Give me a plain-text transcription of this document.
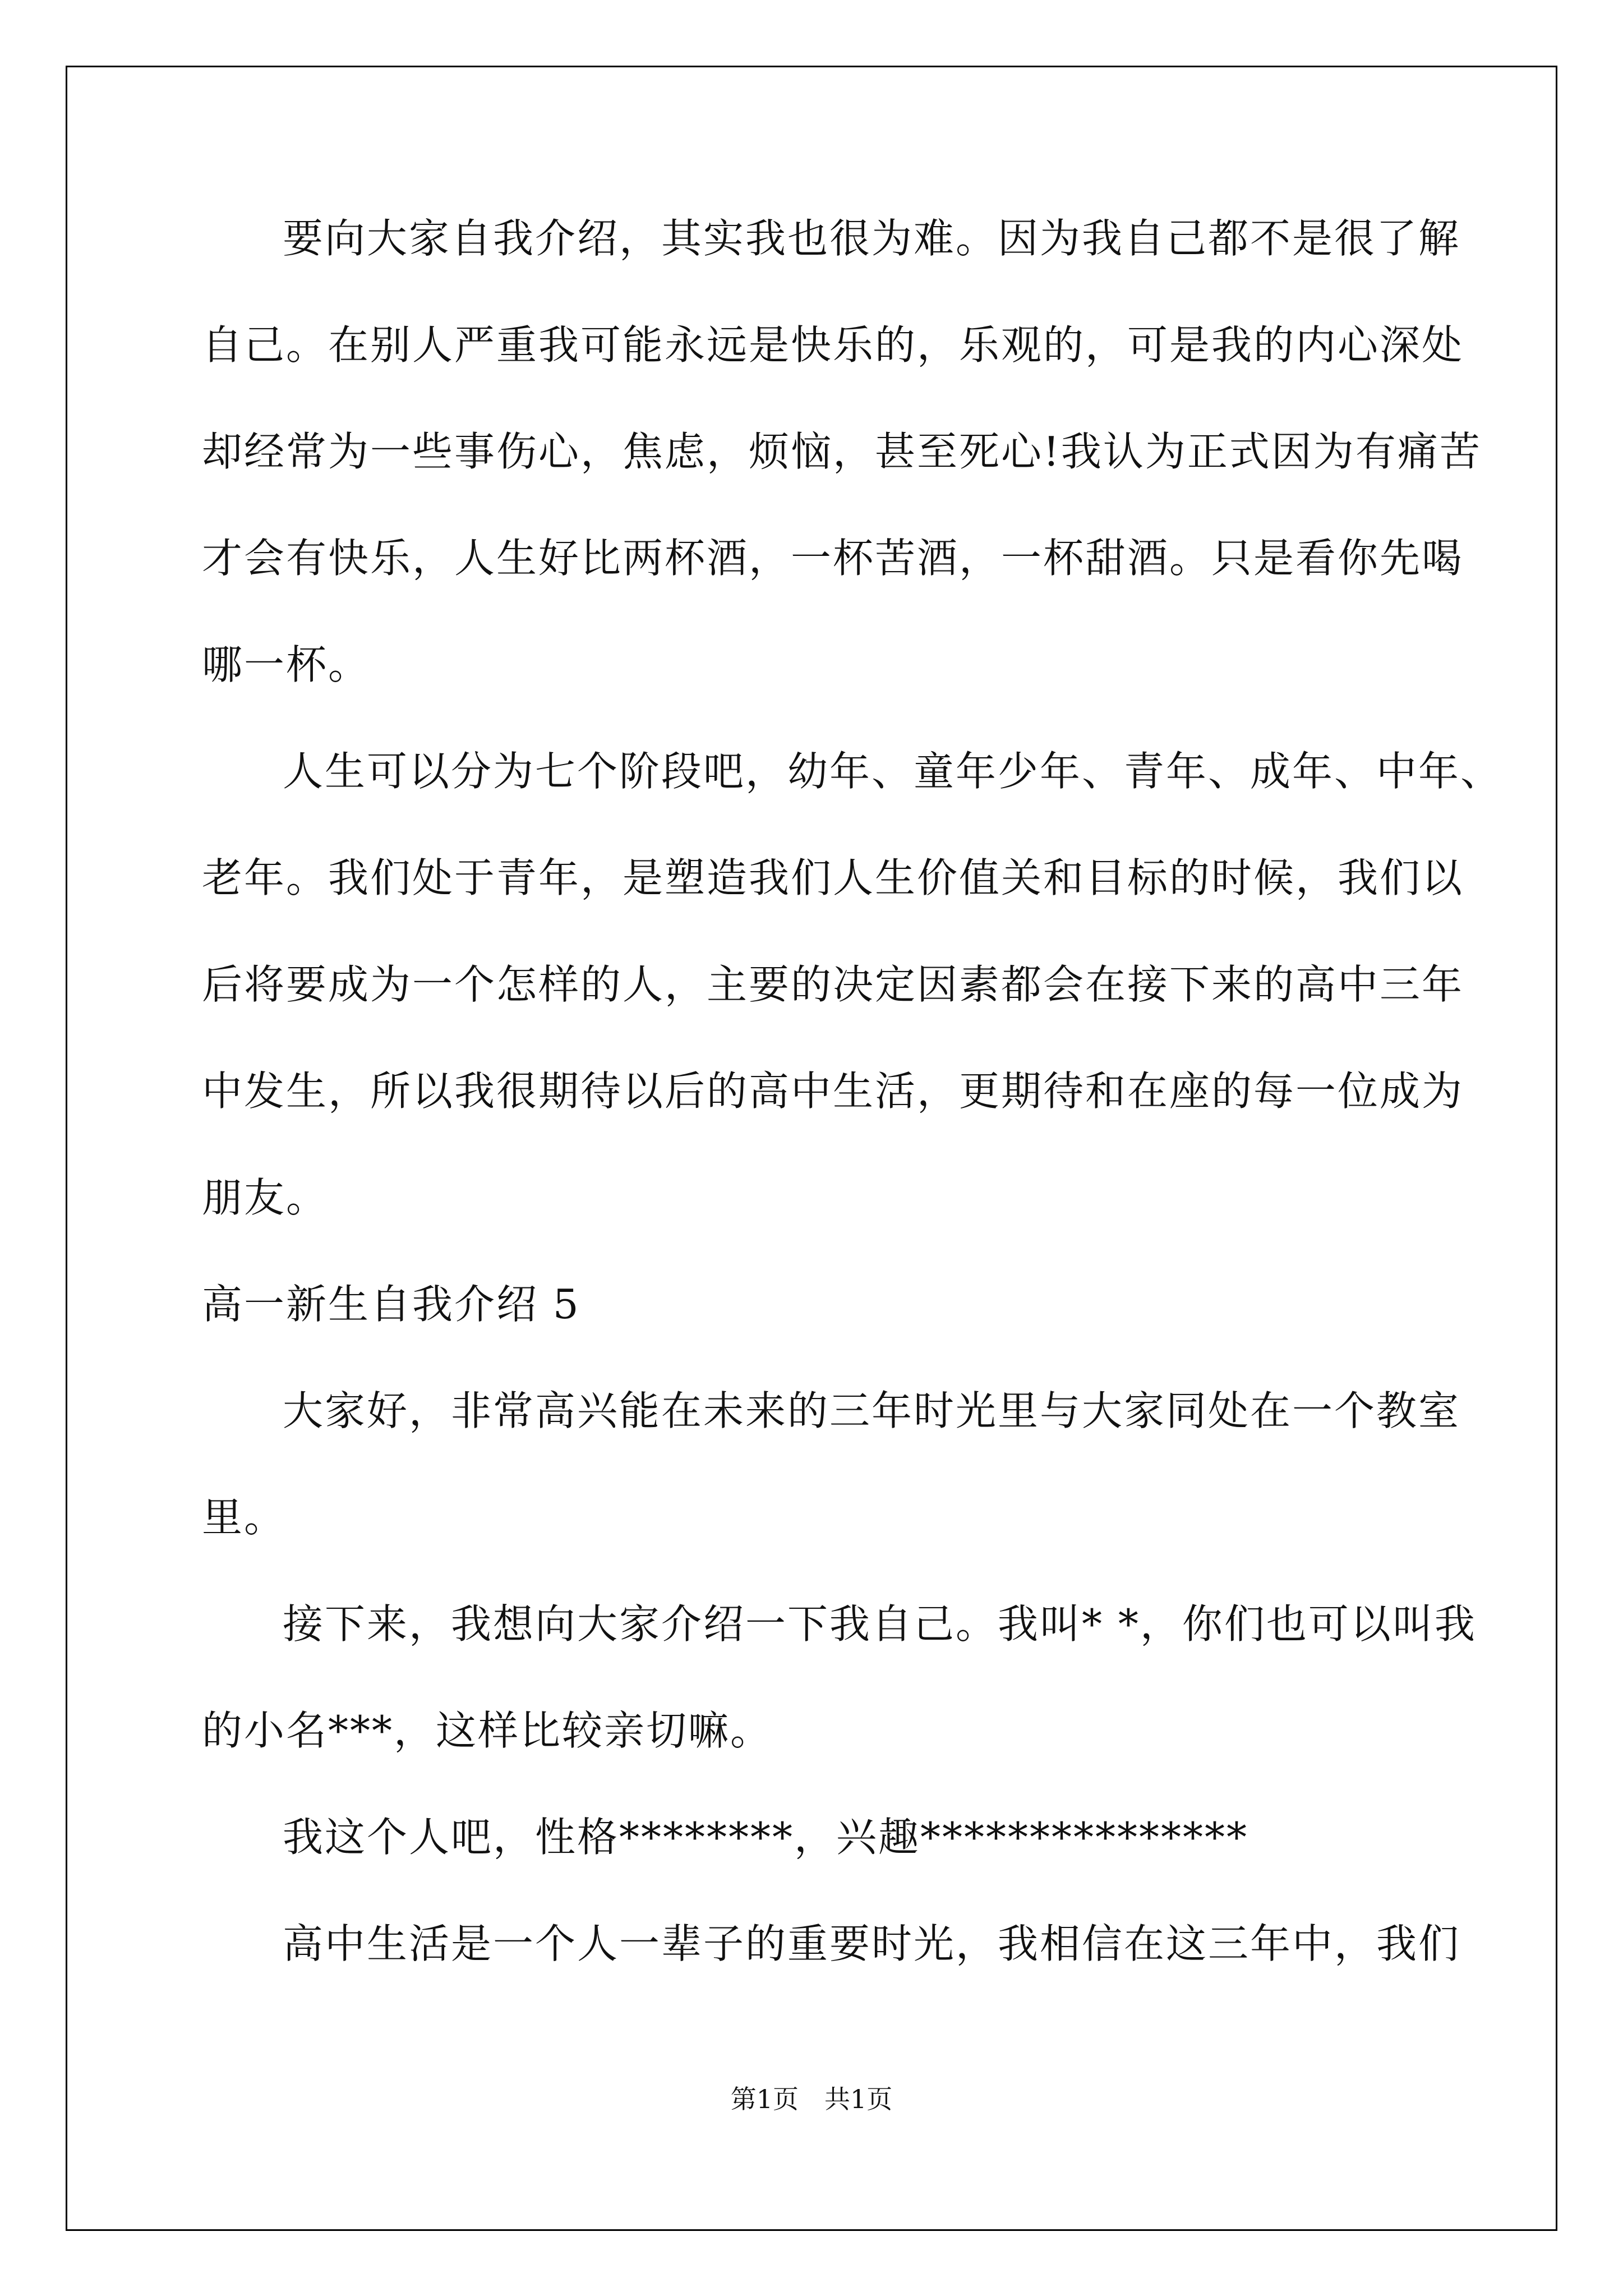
要向大家自我介绍，其实我也很为难。因为我自己都不是很了解
自己。在别人严重我可能永远是快乐的，乐观的，可是我的内心深处
却经常为一些事伤心，焦虑，烦恼，甚至死心!我认为正式因为有痛苦
才会有快乐，人生好比两杯酒，一杯苦酒，一杯甜酒。只是看你先喝
哪一杯。
人生可以分为七个阶段吧，幼年、童年少年、青年、成年、中年、
老年。我们处于青年，是塑造我们人生价值关和目标的时候，我们以
后将要成为一个怎样的人，主要的决定因素都会在接下来的高中三年
中发生，所以我很期待以后的高中生活，更期待和在座的每一位成为
朋友。
高一新生自我介绍 5
大家好，非常高兴能在未来的三年时光里与大家同处在一个教室
里。
接下来，我想向大家介绍一下我自己。我叫* *，你们也可以叫我
的小名***，这样比较亲切嘛。
我这个人吧，性格********，兴趣***************
高中生活是一个人一辈子的重要时光，我相信在这三年中，我们
第1页　共1页
